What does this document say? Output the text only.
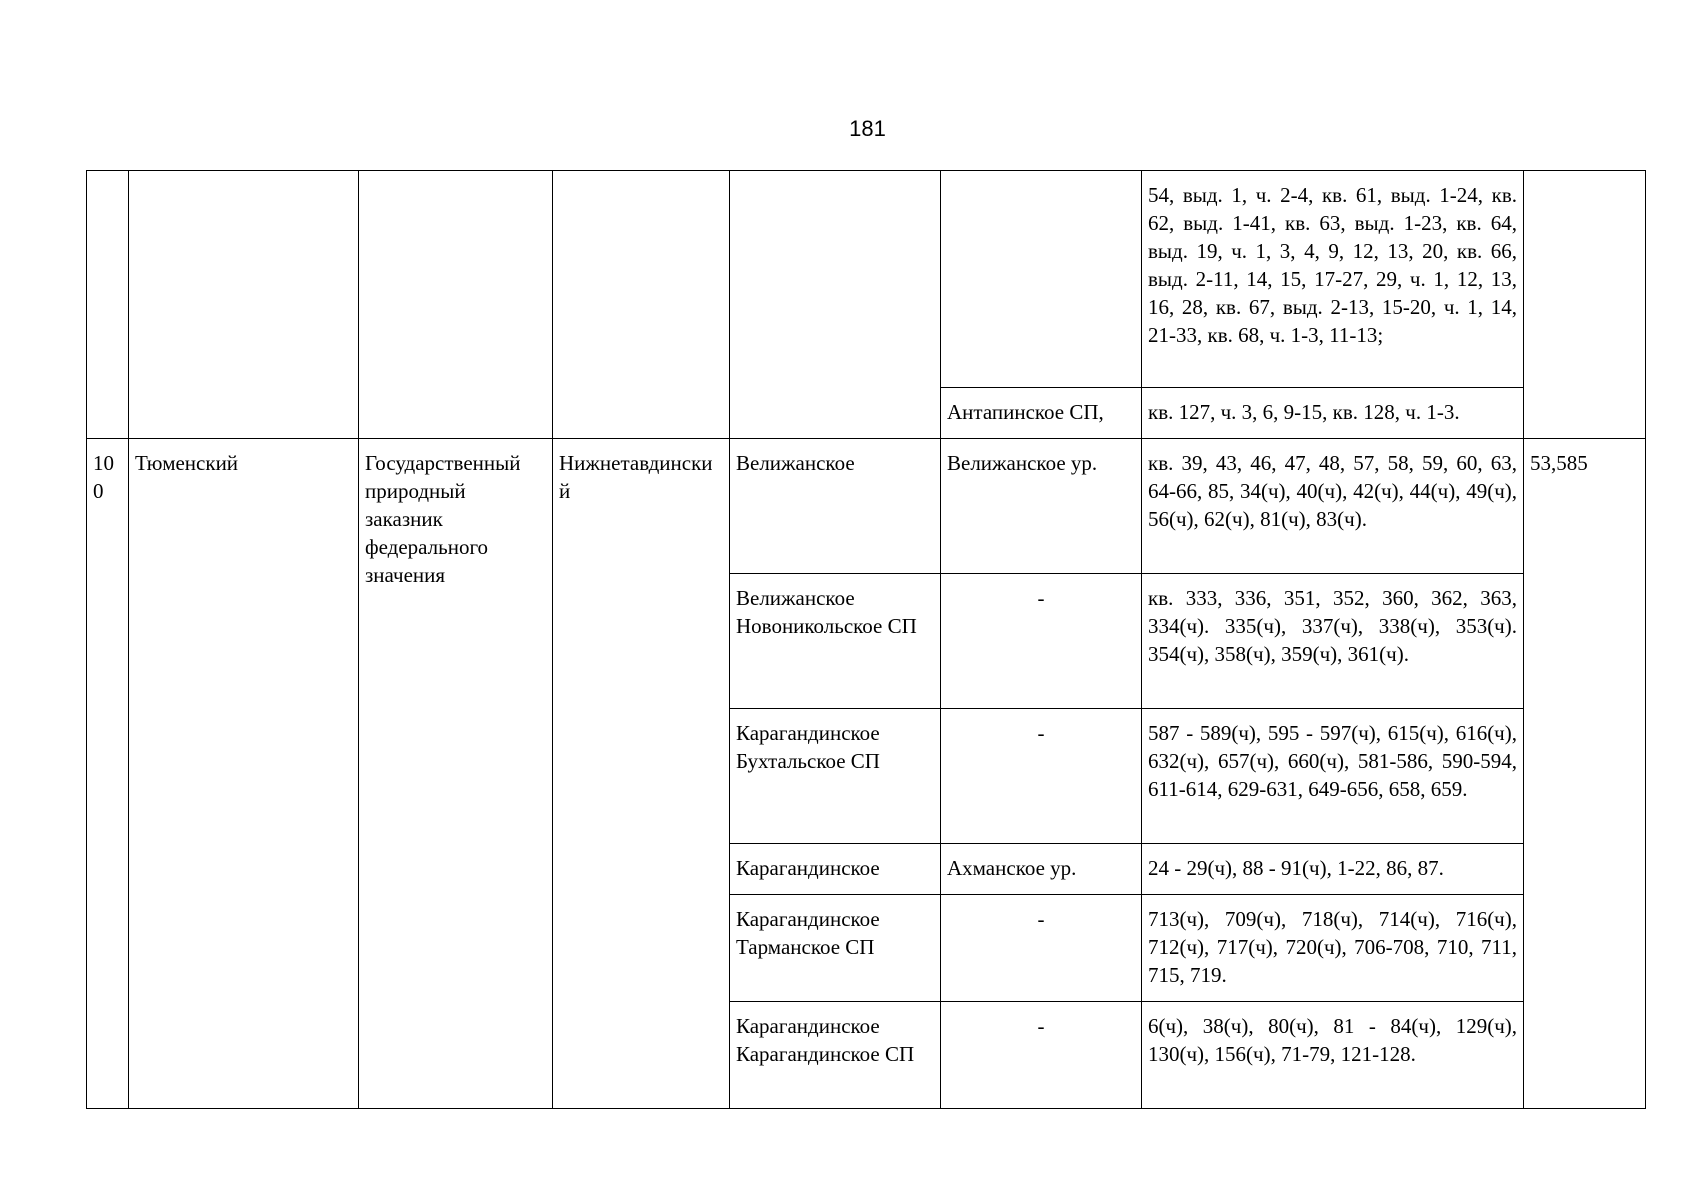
181
						54, выд. 1, ч. 2-4, кв. 61, выд. 1-24, кв. 62, выд. 1-41, кв. 63, выд. 1-23, кв. 64, выд. 19, ч. 1, 3, 4, 9, 12, 13, 20, кв. 66, выд. 2-11, 14, 15, 17-27, 29, ч. 1, 12, 13, 16, 28, кв. 67, выд. 2-13, 15-20, ч. 1, 14, 21-33, кв. 68, ч. 1-3, 11-13;	
					Антапинское СП,	кв. 127, ч. 3, 6, 9-15, кв. 128, ч. 1-3.	
100	Тюменский	Государственный природный заказник федерального значения	Нижнетавдинский	Велижанское	Велижанское ур.	кв. 39, 43, 46, 47, 48, 57, 58, 59, 60, 63, 64-66, 85, 34(ч), 40(ч), 42(ч), 44(ч), 49(ч), 56(ч), 62(ч), 81(ч), 83(ч).	53,585
				Велижанское Новоникольское СП	-	кв. 333, 336, 351, 352, 360, 362, 363, 334(ч). 335(ч), 337(ч), 338(ч), 353(ч). 354(ч), 358(ч), 359(ч), 361(ч).	
				Карагандинское Бухтальское СП	-	587 - 589(ч), 595 - 597(ч), 615(ч), 616(ч), 632(ч), 657(ч), 660(ч), 581-586, 590-594, 611-614, 629-631, 649-656, 658, 659.	
				Карагандинское	Ахманское ур.	24 - 29(ч), 88 - 91(ч), 1-22, 86, 87.	
				Карагандинское Тарманское СП	-	713(ч), 709(ч), 718(ч), 714(ч), 716(ч), 712(ч), 717(ч), 720(ч), 706-708, 710, 711, 715, 719.	
				Карагандинское Карагандинское СП	-	6(ч), 38(ч), 80(ч), 81 - 84(ч), 129(ч), 130(ч), 156(ч), 71-79, 121-128.	
